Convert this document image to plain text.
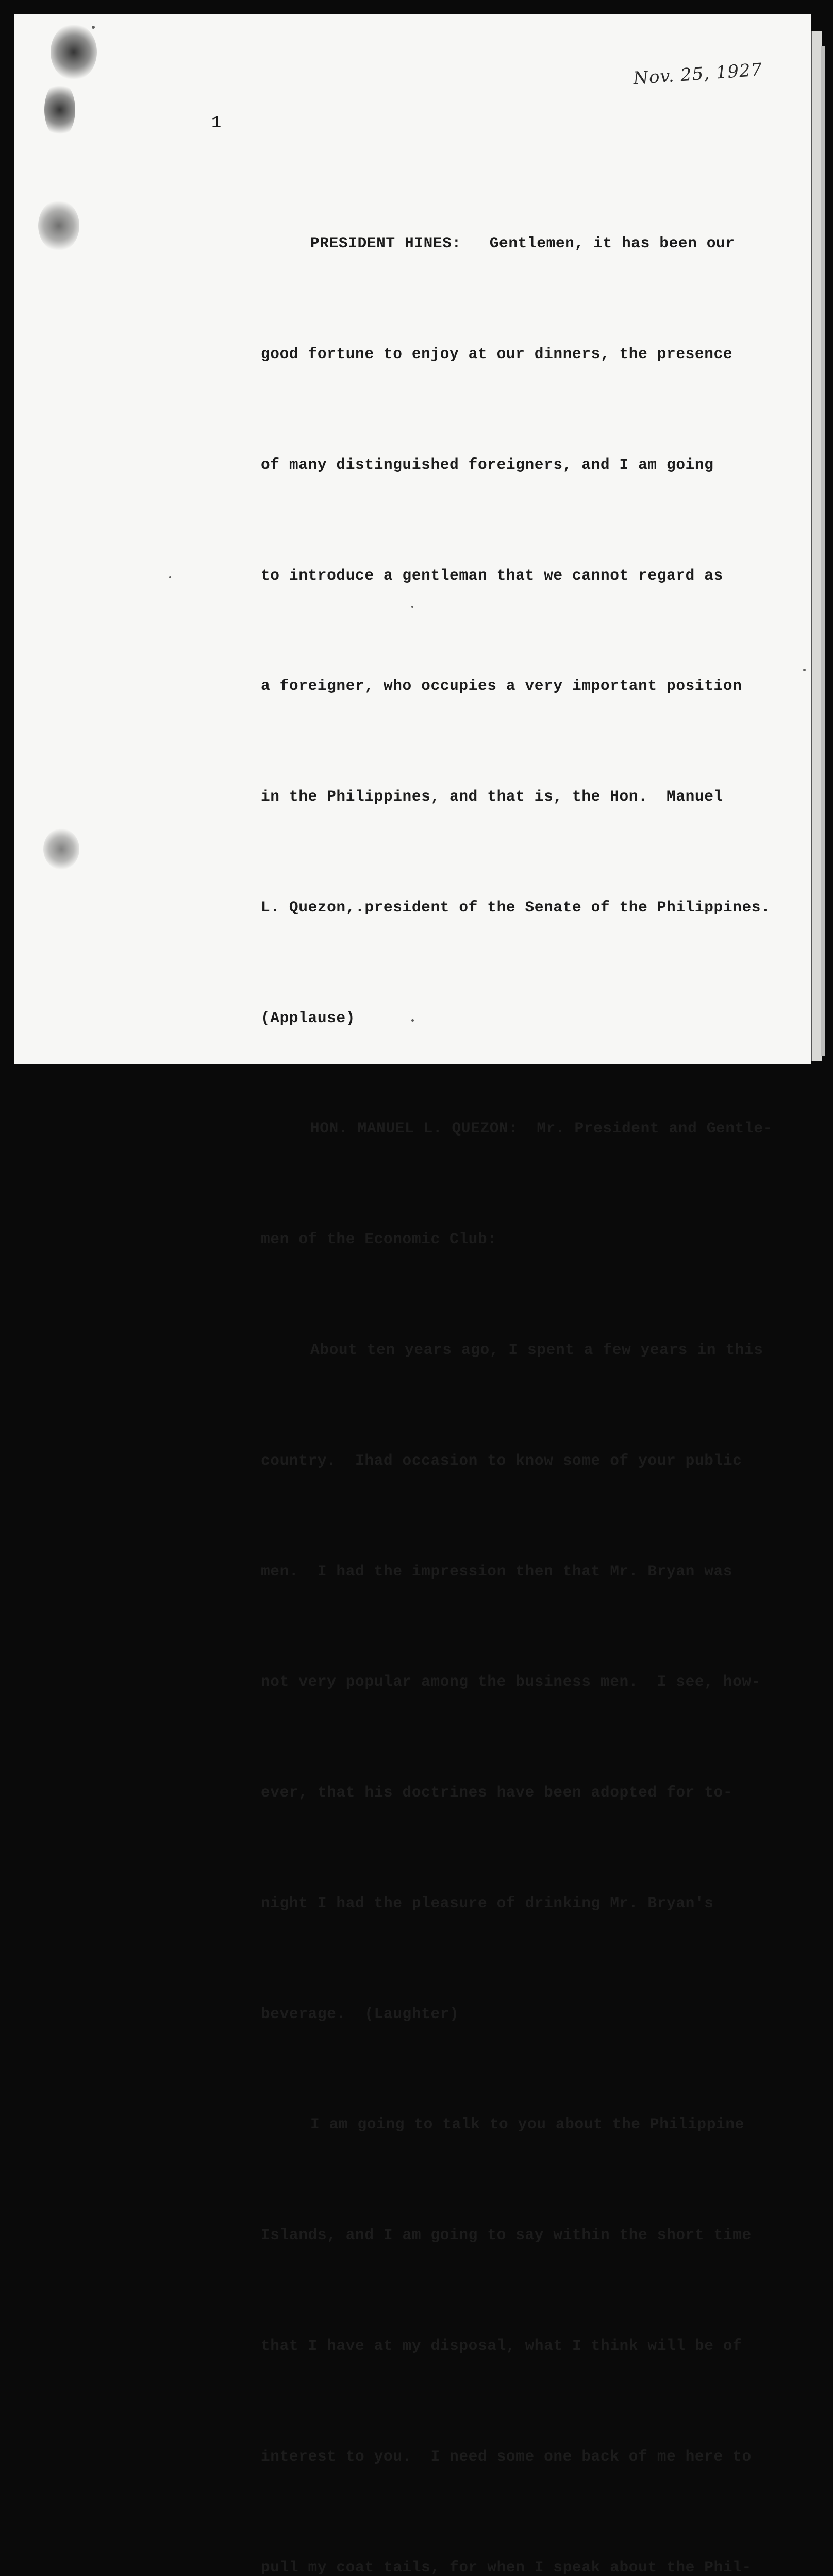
Nov. 25, 1927
1

PRESIDENT HINES:   Gentlemen, it has been our

good fortune to enjoy at our dinners, the presence

of many distinguished foreigners, and I am going

to introduce a gentleman that we cannot regard as

a foreigner, who occupies a very important position

in the Philippines, and that is, the Hon.  Manuel

L. Quezon,.president of the Senate of the Philippines.

(Applause)

HON. MANUEL L. QUEZON:  Mr. President and Gentle-

men of the Economic Club:

About ten years ago, I spent a few years in this

country.  Ihad occasion to know some of your public

men.  I had the impression then that Mr. Bryan was

not very popular among the business men.  I see, how-

ever, that his doctrines have been adopted for to-

night I had the pleasure of drinking Mr. Bryan's

beverage.  (Laughter)

I am going to talk to you about the Philippine

Islands, and I am going to say within the short time

that I have at my disposal, what I think will be of

interest to you.  I need some one back of me here to

pull my coat tails, for when I speak about the Phil-
